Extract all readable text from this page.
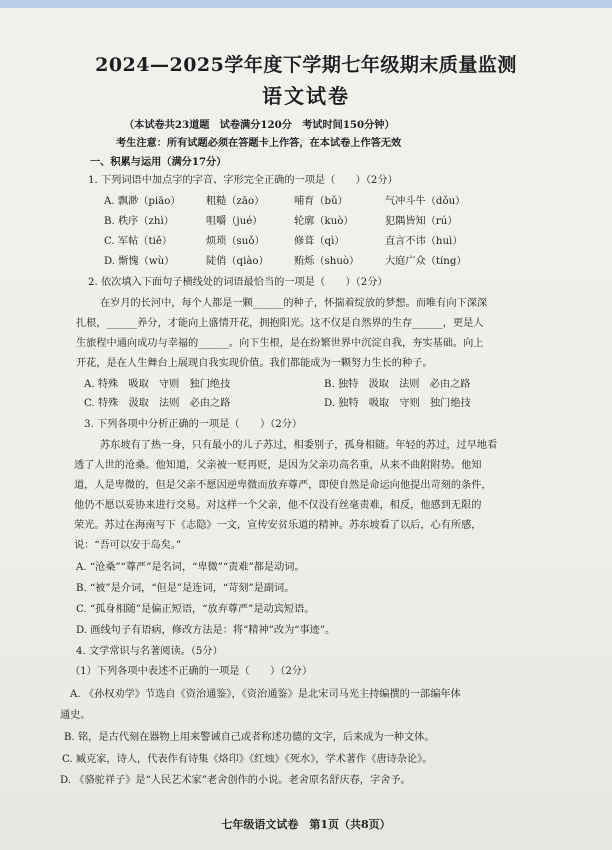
2024—2025学年度下学期七年级期末质量监测
语文试卷
（本试卷共23道题　试卷满分120分　考试时间150分钟）
考生注意：所有试题必须在答题卡上作答，在本试卷上作答无效
一、积累与运用（满分17分）
1. 下列词语中加点字的字音、字形完全正确的一项是（　　）（2分）
A. 飘渺（piāo） 粗糙（zāo）	哺育（bǔ）	气冲斗牛（dǒu）
B. 秩序（zhì）	咀嚼（jué）	轮廓（kuò）	犯隅皆知（rú）
C. 军帖（tiě）	烦琐（suǒ）	修葺（qì）	直言不讳（huì）
D. 惭愧（wù）	陡俏（qiào） 贿烁（shuò）	大庭广众（tíng）
2. 依次填入下面句子横线处的词语最恰当的一项是（　　）（2分）
在岁月的长河中，每个人都是一颗______的种子，怀揣着绽放的梦想。而唯有向下深深
扎根，______养分，才能向上盛情开花，拥抱阳光。这不仅是自然界的生存______，更是人
生旅程中通向成功与幸福的______。向下生根，是在纷繁世界中沉淀自我，夯实基础。向上
开花，是在人生舞台上展现自我实现价值。我们都能成为一颗努力生长的种子。
A. 特殊　吸取　守则　独门绝技	B. 独特　汲取　法则　必由之路
C. 特殊　汲取　法则　必由之路	D. 独特　吸取　守则　独门绝技
3. 下列各项中分析正确的一项是（　　）（2分）
苏东坡有了热一身，只有最小的儿子苏过，相委别子，孤身相随。年轻的苏过，过早地看
透了人世的沧桑。他知道，父亲被一贬再贬，是因为父亲功高名重，从来不曲附附势。他知
道，人是卑微的，但是父亲不愿因逆卑微而放弃尊严，即使自然是命运向他提出苛刻的条件，
他仍不愿以妥协来进行交易。对这样一个父亲，他不仅没有丝毫责难，相反，他感到无限的
荣光。苏过在海南写下《志隐》一文，宣传安贫乐道的精神。苏东坡看了以后，心有所感，
说：“吾可以安于岛矣。”
A. “沧桑”“尊严”是名词，“卑微”“责难”都是动词。
B. “被”是介词，“但是”是连词，“苛刻”是副词。
C. “孤身相随”是偏正短语，“放弃尊严”是动宾短语。
D. 画线句子有语病，修改方法是：将“精神”改为“事迹”。
4. 文学常识与名著阅读。（5分）
（1）下列各项中表述不正确的一项是（　　）（2分）
A. 《孙权劝学》节选自《资治通鉴》，《资治通鉴》是北宋司马光主持编撰的一部编年体
通史。
B. 铭，是古代刻在器物上用来警诫自己或者称述功德的文字，后来成为一种文体。
C. 臧克家，诗人，代表作有诗集《烙印》《红烛》《死水》，学术著作《唐诗杂论》。
D. 《骆驼祥子》是“人民艺术家”老舍创作的小说。老舍原名舒庆春，字舍予。
七年级语文试卷　第1页（共8页）
